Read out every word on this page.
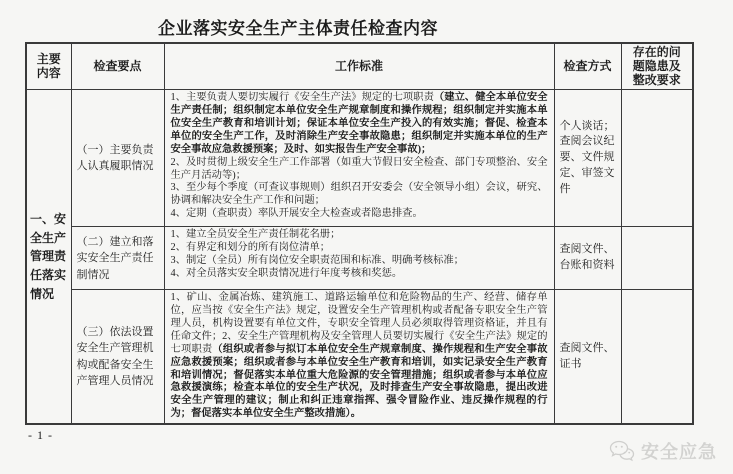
企业落实安全生产主体责任检查内容
主要内容	检查要点	工作标准	检查方式	存在的问题隐患及整改要求
一、安全生产管理责任落实情况	（一）主要负责人认真履职情况	1、主要负责人要切实履行《安全生产法》规定的七项职责（建立、健全本单位安全生产责任制；组织制定本单位安全生产规章制度和操作规程；组织制定并实施本单位安全生产教育和培训计划；保证本单位安全生产投入的有效实施；督促、检查本单位的安全生产工作，及时消除生产安全事故隐患；组织制定并实施本单位的生产安全事故应急救援预案；及时、如实报告生产安全事故)；
2、及时贯彻上级安全生产工作部署（如重大节假日安全检查、部门专项整治、安全生产月活动等)；
3、至少每个季度（可查议事规则）组织召开安委会（安全领导小组）会议，研究、协调和解决安全生产工作和问题；
4、定期（查职责）率队开展安全大检查或者隐患排查。	个人谈话；查阅会议纪要、文件规定、审签文件	
	（二）建立和落实安全生产责任制情况	1、建立全员安全生产责任制花名册；
2、有界定和划分的所有岗位清单；
3、制定（全员）所有岗位安全职责范围和标准、明确考核标准；
4、对全员落实安全职责情况进行年度考核和奖惩。	查阅文件、台账和资料	
	（三）依法设置安全生产管理机构或配备安全生产管理人员情况	1、矿山、金属冶炼、建筑施工、道路运输单位和危险物品的生产、经营、储存单位，应当按《安全生产法》规定，设置安全生产管理机构或者配备专职安全生产管理人员，机构设置要有单位文件，专职安全管理人员必须取得管理资格证，并且有任命文件；2、安全生产管理机构及安全管理人员要切实履行《安全生产法》规定的七项职责（组织或者参与拟订本单位安全生产规章制度、操作规程和生产安全事故应急救援预案；组织或者参与本单位安全生产教育和培训，如实记录安全生产教育和培训情况；督促落实本单位重大危险源的安全管理措施；组织或者参与本单位应急救援演练；检查本单位的安全生产状况，及时排查生产安全事故隐患，提出改进安全生产管理的建议；制止和纠正违章指挥、强令冒险作业、违反操作规程的行为；督促落实本单位安全生产整改措施）。	查阅文件、证书	
- 1 -
安全应急
